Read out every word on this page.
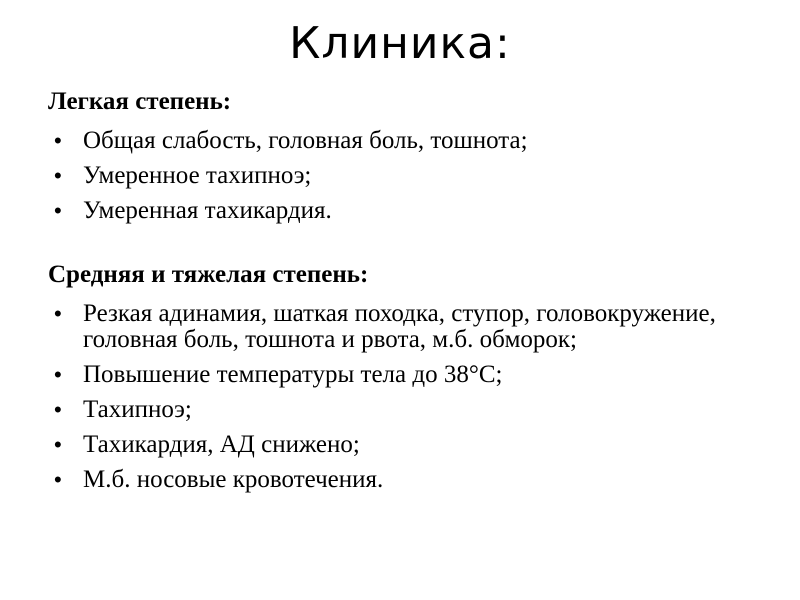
Клиника:

Легкая степень:

• Общая слабость, головная боль, тошнота;
• Умеренное тахипноэ;
• Умеренная тахикардия.

Средняя и тяжелая степень:

• Резкая адинамия, шаткая походка, ступор, головокружение, головная боль, тошнота и рвота, м.б. обморок;
• Повышение температуры тела до 38°С;
• Тахипноэ;
• Тахикардия, АД снижено;
• М.б. носовые кровотечения.
